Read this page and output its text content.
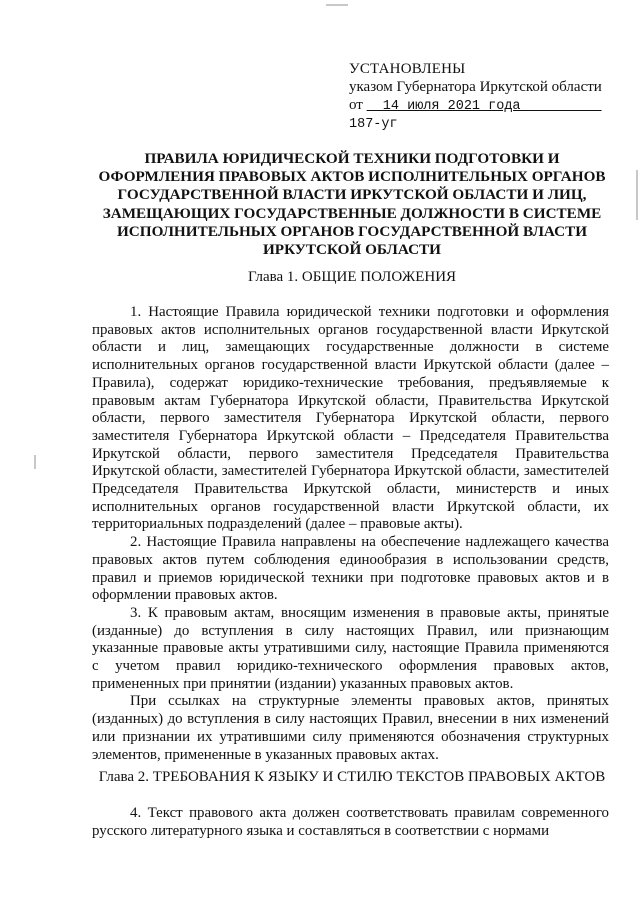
УСТАНОВЛЕНЫ
указом Губернатора Иркутской области
от   14 июля 2021 года
187-уг
ПРАВИЛА ЮРИДИЧЕСКОЙ ТЕХНИКИ ПОДГОТОВКИ И ОФОРМЛЕНИЯ ПРАВОВЫХ АКТОВ ИСПОЛНИТЕЛЬНЫХ ОРГАНОВ ГОСУДАРСТВЕННОЙ ВЛАСТИ ИРКУТСКОЙ ОБЛАСТИ И ЛИЦ, ЗАМЕЩАЮЩИХ ГОСУДАРСТВЕННЫЕ ДОЛЖНОСТИ В СИСТЕМЕ ИСПОЛНИТЕЛЬНЫХ ОРГАНОВ ГОСУДАРСТВЕННОЙ ВЛАСТИ ИРКУТСКОЙ ОБЛАСТИ
Глава 1. ОБЩИЕ ПОЛОЖЕНИЯ

1. Настоящие Правила юридической техники подготовки и оформления правовых актов исполнительных органов государственной власти Иркутской области и лиц, замещающих государственные должности в системе исполнительных органов государственной власти Иркутской области (далее – Правила), содержат юридико-технические требования, предъявляемые к правовым актам Губернатора Иркутской области, Правительства Иркутской области, первого заместителя Губернатора Иркутской области, первого заместителя Губернатора Иркутской области – Председателя Правительства Иркутской области, первого заместителя Председателя Правительства Иркутской области, заместителей Губернатора Иркутской области, заместителей Председателя Правительства Иркутской области, министерств и иных исполнительных органов государственной власти Иркутской области, их территориальных подразделений (далее – правовые акты).

2. Настоящие Правила направлены на обеспечение надлежащего качества правовых актов путем соблюдения единообразия в использовании средств, правил и приемов юридической техники при подготовке правовых актов и в оформлении правовых актов.

3. К правовым актам, вносящим изменения в правовые акты, принятые (изданные) до вступления в силу настоящих Правил, или признающим указанные правовые акты утратившими силу, настоящие Правила применяются с учетом правил юридико-технического оформления правовых актов, примененных при принятии (издании) указанных правовых актов.

При ссылках на структурные элементы правовых актов, принятых (изданных) до вступления в силу настоящих Правил, внесении в них изменений или признании их утратившими силу применяются обозначения структурных элементов, примененные в указанных правовых актах.

Глава 2. ТРЕБОВАНИЯ К ЯЗЫКУ И СТИЛЮ ТЕКСТОВ ПРАВОВЫХ АКТОВ

4. Текст правового акта должен соответствовать правилам современного русского литературного языка и составляться в соответствии с нормами
